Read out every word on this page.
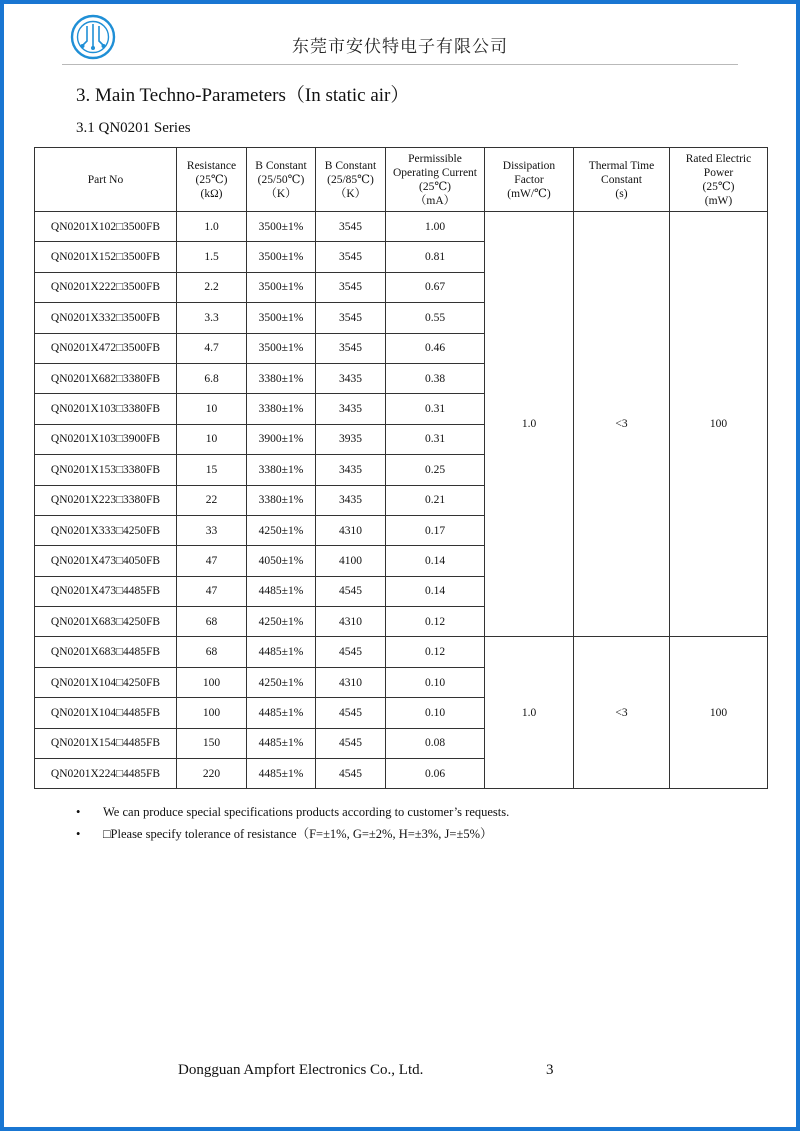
东莞市安伏特电子有限公司
3. Main Techno-Parameters（In static air）
3.1 QN0201 Series
Part No	Resistance
(25℃)
(kΩ)	B Constant
(25/50℃)
（K）	B Constant
(25/85℃)
（K）	Permissible
Operating Current
(25℃)
（mA）	Dissipation
Factor
(mW/℃)	Thermal Time
Constant
(s)	Rated Electric
Power
(25℃)
(mW)

QN0201X102□3500FB	1.0	3500±1%	3545	1.00	1.0	<3	100
QN0201X152□3500FB	1.5	3500±1%	3545	0.81			
QN0201X222□3500FB	2.2	3500±1%	3545	0.67			
QN0201X332□3500FB	3.3	3500±1%	3545	0.55			
QN0201X472□3500FB	4.7	3500±1%	3545	0.46			
QN0201X682□3380FB	6.8	3380±1%	3435	0.38			
QN0201X103□3380FB	10	3380±1%	3435	0.31			
QN0201X103□3900FB	10	3900±1%	3935	0.31			
QN0201X153□3380FB	15	3380±1%	3435	0.25			
QN0201X223□3380FB	22	3380±1%	3435	0.21			
QN0201X333□4250FB	33	4250±1%	4310	0.17			
QN0201X473□4050FB	47	4050±1%	4100	0.14			
QN0201X473□4485FB	47	4485±1%	4545	0.14			
QN0201X683□4250FB	68	4250±1%	4310	0.12			
QN0201X683□4485FB	68	4485±1%	4545	0.12	1.0	<3	100
QN0201X104□4250FB	100	4250±1%	4310	0.10			
QN0201X104□4485FB	100	4485±1%	4545	0.10			
QN0201X154□4485FB	150	4485±1%	4545	0.08			
QN0201X224□4485FB	220	4485±1%	4545	0.06			
•	We can produce special specifications products according to customer’s requests.
•	□Please specify tolerance of resistance（F=±1%, G=±2%, H=±3%, J=±5%）
Dongguan Ampfort Electronics Co., Ltd.	3
